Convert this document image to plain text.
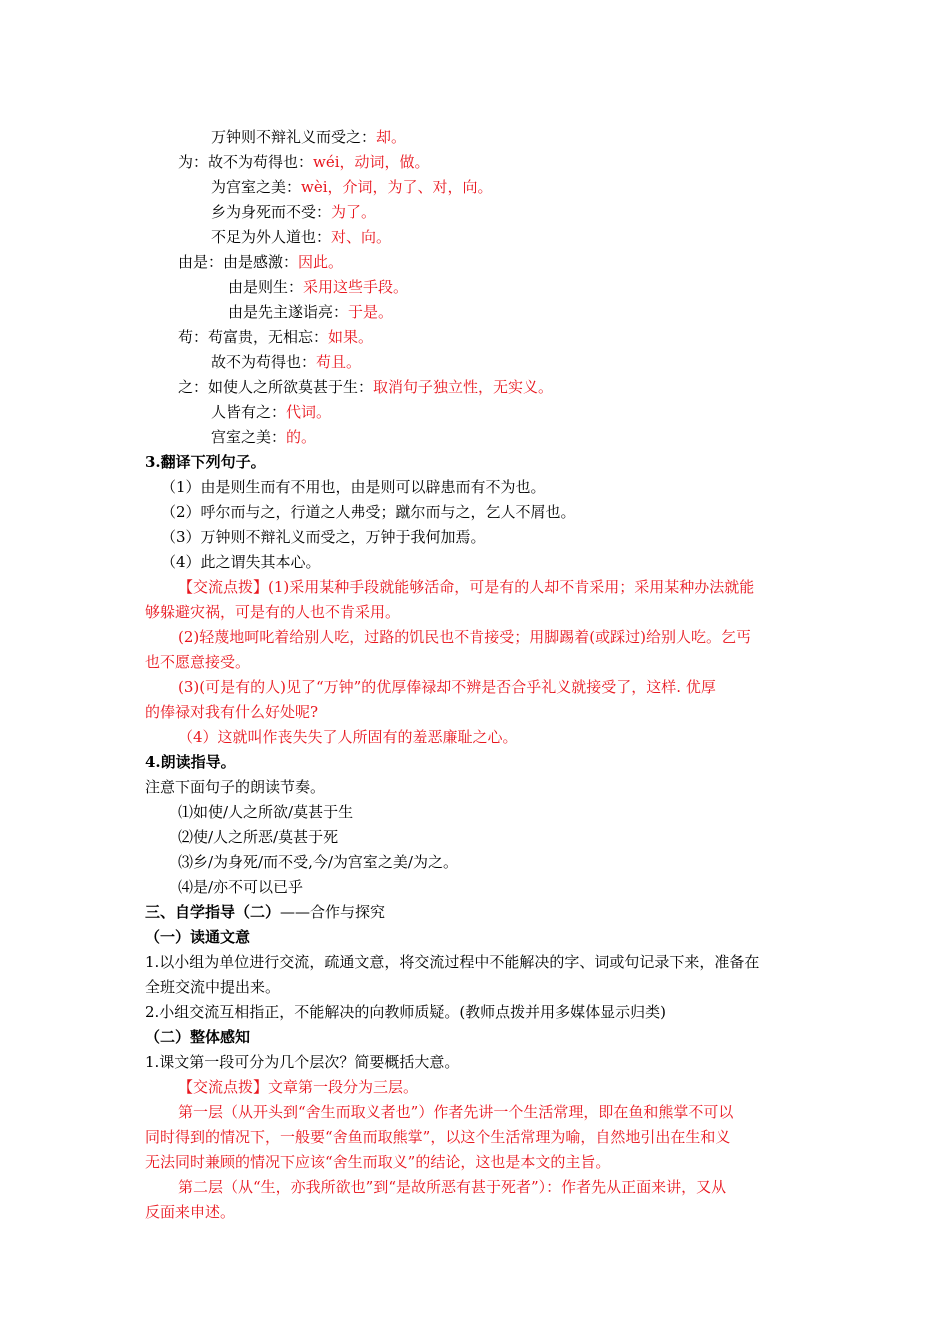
万钟则不辩礼义而受之：却。
为：故不为苟得也：wéi，动词，做。
为宫室之美：wèi，介词，为了、对，向。
乡为身死而不受：为了。
不足为外人道也：对、向。
由是：由是感激：因此。
由是则生：采用这些手段。
由是先主遂诣亮：于是。
苟：苟富贵，无相忘：如果。
故不为苟得也：苟且。
之：如使人之所欲莫甚于生：取消句子独立性，无实义。
人皆有之：代词。
宫室之美：的。
3.翻译下列句子。
（1）由是则生而有不用也，由是则可以辟患而有不为也。
（2）呼尔而与之，行道之人弗受；蹴尔而与之，乞人不屑也。
（3）万钟则不辩礼义而受之，万钟于我何加焉。
（4）此之谓失其本心。
【交流点拨】(1)采用某种手段就能够活命，可是有的人却不肯采用；采用某种办法就能
够躲避灾祸，可是有的人也不肯采用。
(2)轻蔑地呵叱着给别人吃，过路的饥民也不肯接受；用脚踢着(或踩过)给别人吃。乞丐
也不愿意接受。
(3)(可是有的人)见了“万钟”的优厚俸禄却不辨是否合乎礼义就接受了，这样. 优厚
的俸禄对我有什么好处呢?
（4）这就叫作丧失失了人所固有的羞恶廉耻之心。
4.朗读指导。
注意下面句子的朗读节奏。
⑴如使/人之所欲/莫甚于生
⑵使/人之所恶/莫甚于死
⑶乡/为身死/而不受,今/为宫室之美/为之。
⑷是/亦不可以已乎
三、自学指导（二）——合作与探究
（一）读通文意
1.以小组为单位进行交流，疏通文意，将交流过程中不能解决的字、词或句记录下来，准备在
全班交流中提出来。
2.小组交流互相指正，不能解决的向教师质疑。(教师点拨并用多媒体显示归类)
（二）整体感知
1.课文第一段可分为几个层次？简要概括大意。
【交流点拨】文章第一段分为三层。
第一层（从开头到“舍生而取义者也”）作者先讲一个生活常理，即在鱼和熊掌不可以
同时得到的情况下，一般要“舍鱼而取熊掌”，以这个生活常理为喻，自然地引出在生和义
无法同时兼顾的情况下应该“舍生而取义”的结论，这也是本文的主旨。
第二层（从“生，亦我所欲也”到“是故所恶有甚于死者”）：作者先从正面来讲，又从
反面来申述。
